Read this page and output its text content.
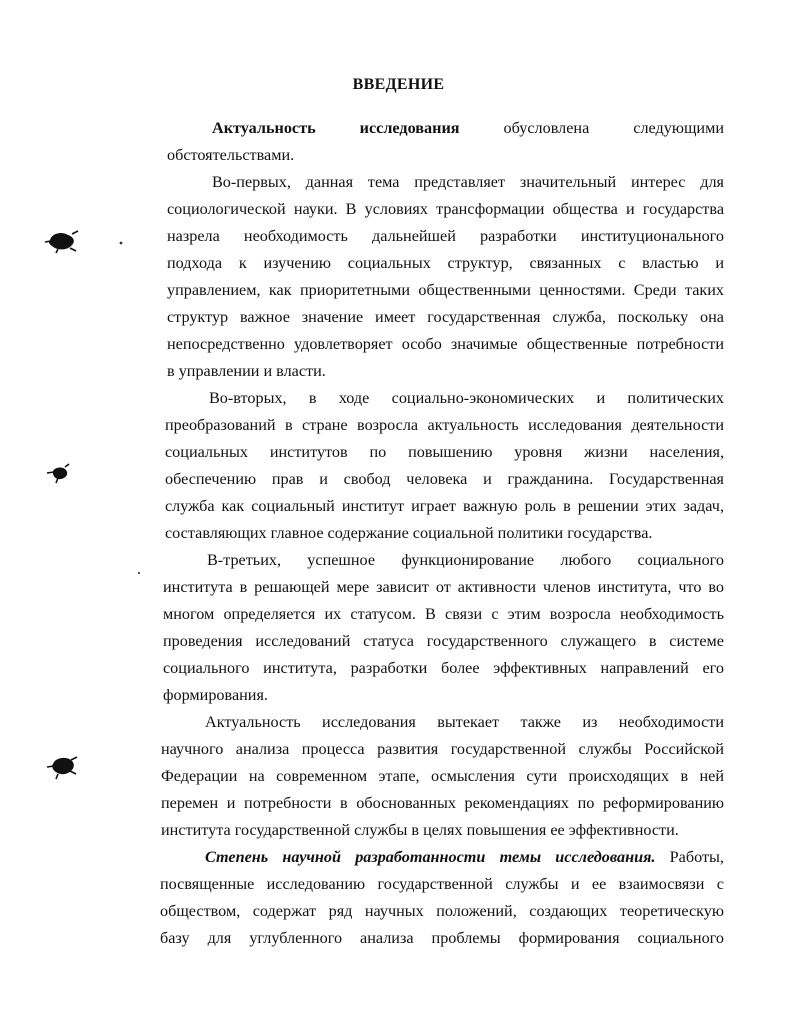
ВВЕДЕНИЕ
Актуальность исследования обусловлена следующими
обстоятельствами.
Во-первых, данная тема представляет значительный интерес для
социологической науки. В условиях трансформации общества и государства
назрела необходимость дальнейшей разработки институционального
подхода к изучению социальных структур, связанных с властью и
управлением, как приоритетными общественными ценностями. Среди таких
структур важное значение имеет государственная служба, поскольку она
непосредственно удовлетворяет особо значимые общественные потребности
в управлении и власти.
Во-вторых, в ходе социально-экономических и политических
преобразований в стране возросла актуальность исследования деятельности
социальных институтов по повышению уровня жизни населения,
обеспечению прав и свобод человека и гражданина. Государственная
служба как социальный институт играет важную роль в решении этих задач,
составляющих главное содержание социальной политики государства.
В-третьих, успешное функционирование любого социального
института в решающей мере зависит от активности членов института, что во
многом определяется их статусом. В связи с этим возросла необходимость
проведения исследований статуса государственного служащего в системе
социального института, разработки более эффективных направлений его
формирования.
Актуальность исследования вытекает также из необходимости
научного анализа процесса развития государственной службы Российской
Федерации на современном этапе, осмысления сути происходящих в ней
перемен и потребности в обоснованных рекомендациях по реформированию
института государственной службы в целях повышения ее эффективности.
Степень научной разработанности темы исследования. Работы,
посвященные исследованию государственной службы и ее взаимосвязи с
обществом, содержат ряд научных положений, создающих теоретическую
базу для углубленного анализа проблемы формирования социального
